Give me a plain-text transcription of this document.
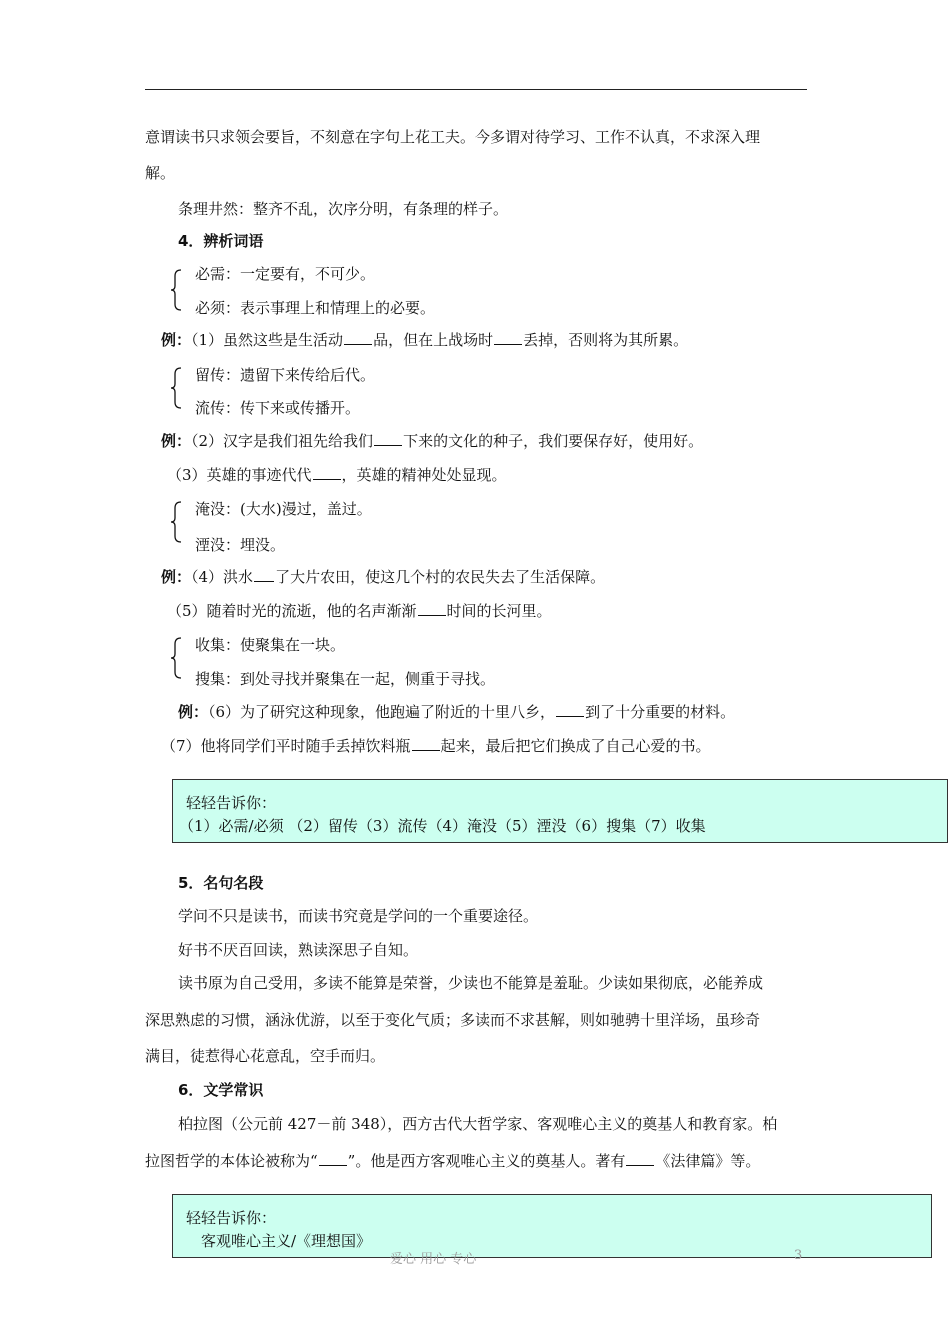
意谓读书只求领会要旨，不刻意在字句上花工夫。今多谓对待学习、工作不认真，不求深入理
解。
条理井然：整齐不乱，次序分明，有条理的样子。
4．辨析词语
必需：一定要有，不可少。
必须：表示事理上和情理上的必要。
例：（1）虽然这些是生活动 品，但在上战场时 丢掉，否则将为其所累。
留传：遗留下来传给后代。
流传：传下来或传播开。
例：（2）汉字是我们祖先给我们 下来的文化的种子，我们要保存好，使用好。
（3）英雄的事迹代代 ，英雄的精神处处显现。
淹没：(大水)漫过，盖过。
湮没：埋没。
例：（4）洪水 了大片农田，使这几个村的农民失去了生活保障。
（5）随着时光的流逝，他的名声渐渐 时间的长河里。
收集：使聚集在一块。
搜集：到处寻找并聚集在一起，侧重于寻找。
例：（6）为了研究这种现象，他跑遍了附近的十里八乡， 到了十分重要的材料。
（7）他将同学们平时随手丢掉饮料瓶 起来，最后把它们换成了自己心爱的书。
轻轻告诉你：
（1）必需/必须 （2）留传（3）流传（4）淹没（5）湮没（6）搜集（7）收集
5．名句名段
学问不只是读书，而读书究竟是学问的一个重要途径。
好书不厌百回读，熟读深思子自知。
读书原为自己受用，多读不能算是荣誉，少读也不能算是羞耻。少读如果彻底，必能养成
深思熟虑的习惯，涵泳优游，以至于变化气质；多读而不求甚解，则如驰骋十里洋场，虽珍奇
满目，徒惹得心花意乱，空手而归。
6．文学常识
柏拉图（公元前 427－前 348），西方古代大哲学家、客观唯心主义的奠基人和教育家。柏
拉图哲学的本体论被称为“ ”。他是西方客观唯心主义的奠基人。著有 《法律篇》等。
轻轻告诉你：
客观唯心主义/《理想国》
爱心 用心 专心	3
